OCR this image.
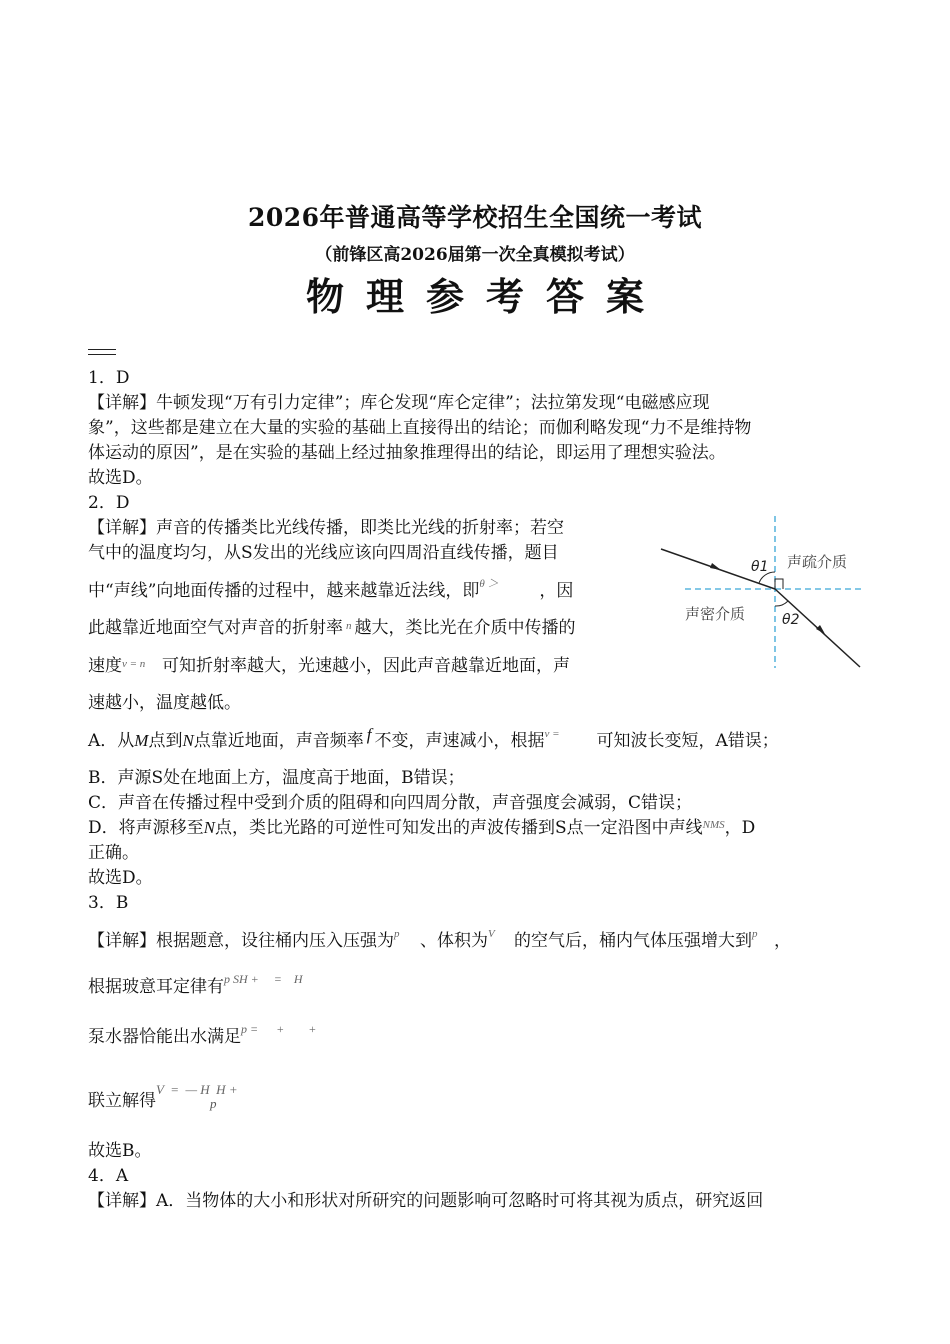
2026年普通高等学校招生全国统一考试
（前锋区高2026届第一次全真模拟考试）
物理参考答案
1．D
【详解】牛顿发现“万有引力定律”；库仑发现“库仑定律”；法拉第发现“电磁感应现
象”，这些都是建立在大量的实验的基础上直接得出的结论；而伽利略发现“力不是维持物
体运动的原因”，是在实验的基础上经过抽象推理得出的结论，即运用了理想实验法。
故选D。
2．D
【详解】声音的传播类比光线传播，即类比光线的折射率；若空
气中的温度均匀，从S发出的光线应该向四周沿直线传播，题目
中“声线”向地面传播的过程中，越来越靠近法线，即θ ＞ ，因
此越靠近地面空气对声音的折射率 $^n$ 越大，类比光在介质中传播的
速度v = n 可知折射率越大，光速越小，因此声音越靠近地面，声
速越小，温度越低。
A．从M点到N点靠近地面，声音频率 f 不变，声速减小，根据v = 可知波长变短，A错误；
B．声源S处在地面上方，温度高于地面，B错误；
C．声音在传播过程中受到介质的阻碍和向四周分散，声音强度会减弱，C错误；
D．将声源移至N点，类比光路的可逆性可知发出的声波传播到S点一定沿图中声线$^{NMS}$，D
正确。
故选D。
θ1
θ2
声疏介质
声密介质
3．B
【详解】根据题意，设往桶内压入压强为p 、体积为V 的空气后，桶内气体压强增大到p ，
根据玻意耳定律有$^{p SH + = H}$
泵水器恰能出水满足$^{p = + +}$
联立解得$^{V = — H H +}$
p
故选B。
4．A
【详解】A．当物体的大小和形状对所研究的问题影响可忽略时可将其视为质点，研究返回
